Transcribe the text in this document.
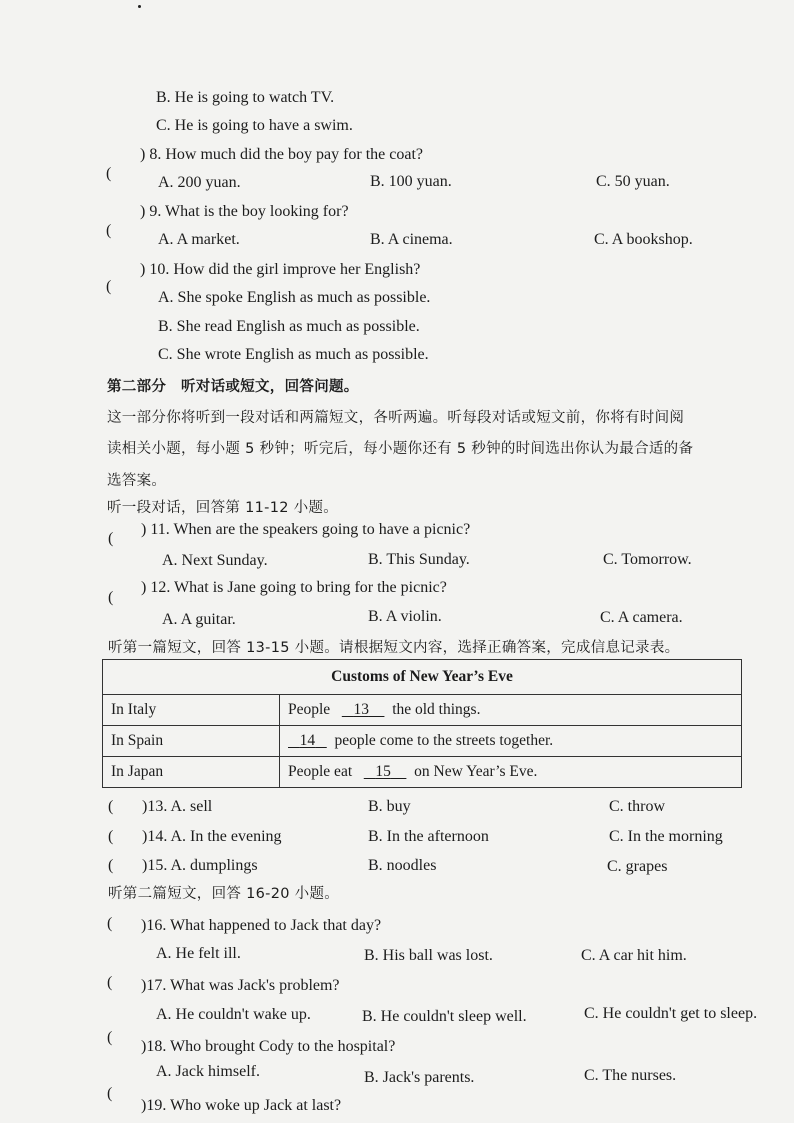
B. He is going to watch TV.
C. He is going to have a swim.
(
) 8. How much did the boy pay for the coat?
A. 200 yuan.	B. 100 yuan.	C. 50 yuan.
(
) 9. What is the boy looking for?
A. A market.	B. A cinema.	C. A bookshop.
(
) 10. How did the girl improve her English?
A. She spoke English as much as possible.
B. She read English as much as possible.
C. She wrote English as much as possible.
第二部分　听对话或短文，回答问题。
这一部分你将听到一段对话和两篇短文，各听两遍。听每段对话或短文前，你将有时间阅
读相关小题，每小题 5 秒钟；听完后，每小题你还有 5 秒钟的时间选出你认为最合适的备
选答案。
听一段对话，回答第 11-12 小题。
(
) 11. When are the speakers going to have a picnic?
A. Next Sunday.	B. This Sunday.	C. Tomorrow.
(
) 12. What is Jane going to bring for the picnic?
A. A guitar.	B. A violin.	C. A camera.
听第一篇短文，回答 13-15 小题。请根据短文内容，选择正确答案，完成信息记录表。
Customs of New Year’s Eve	
In Italy	People 13 the old things.
In Spain	14 people come to the streets together.
In Japan	People eat 15 on New Year’s Eve.
( )13. A. sell	B. buy	C. throw
( )14. A. In the evening	B. In the afternoon	C. In the morning
( )15. A. dumplings	B. noodles	C. grapes
听第二篇短文，回答 16-20 小题。
( )16. What happened to Jack that day?
A. He felt ill.	B. His ball was lost.	C. A car hit him.
( )17. What was Jack's problem?
A. He couldn't wake up.	B. He couldn't sleep well.	C. He couldn't get to sleep.
(
)18. Who brought Cody to the hospital?
A. Jack himself.	B. Jack's parents.	C. The nurses.
(
)19. Who woke up Jack at last?
